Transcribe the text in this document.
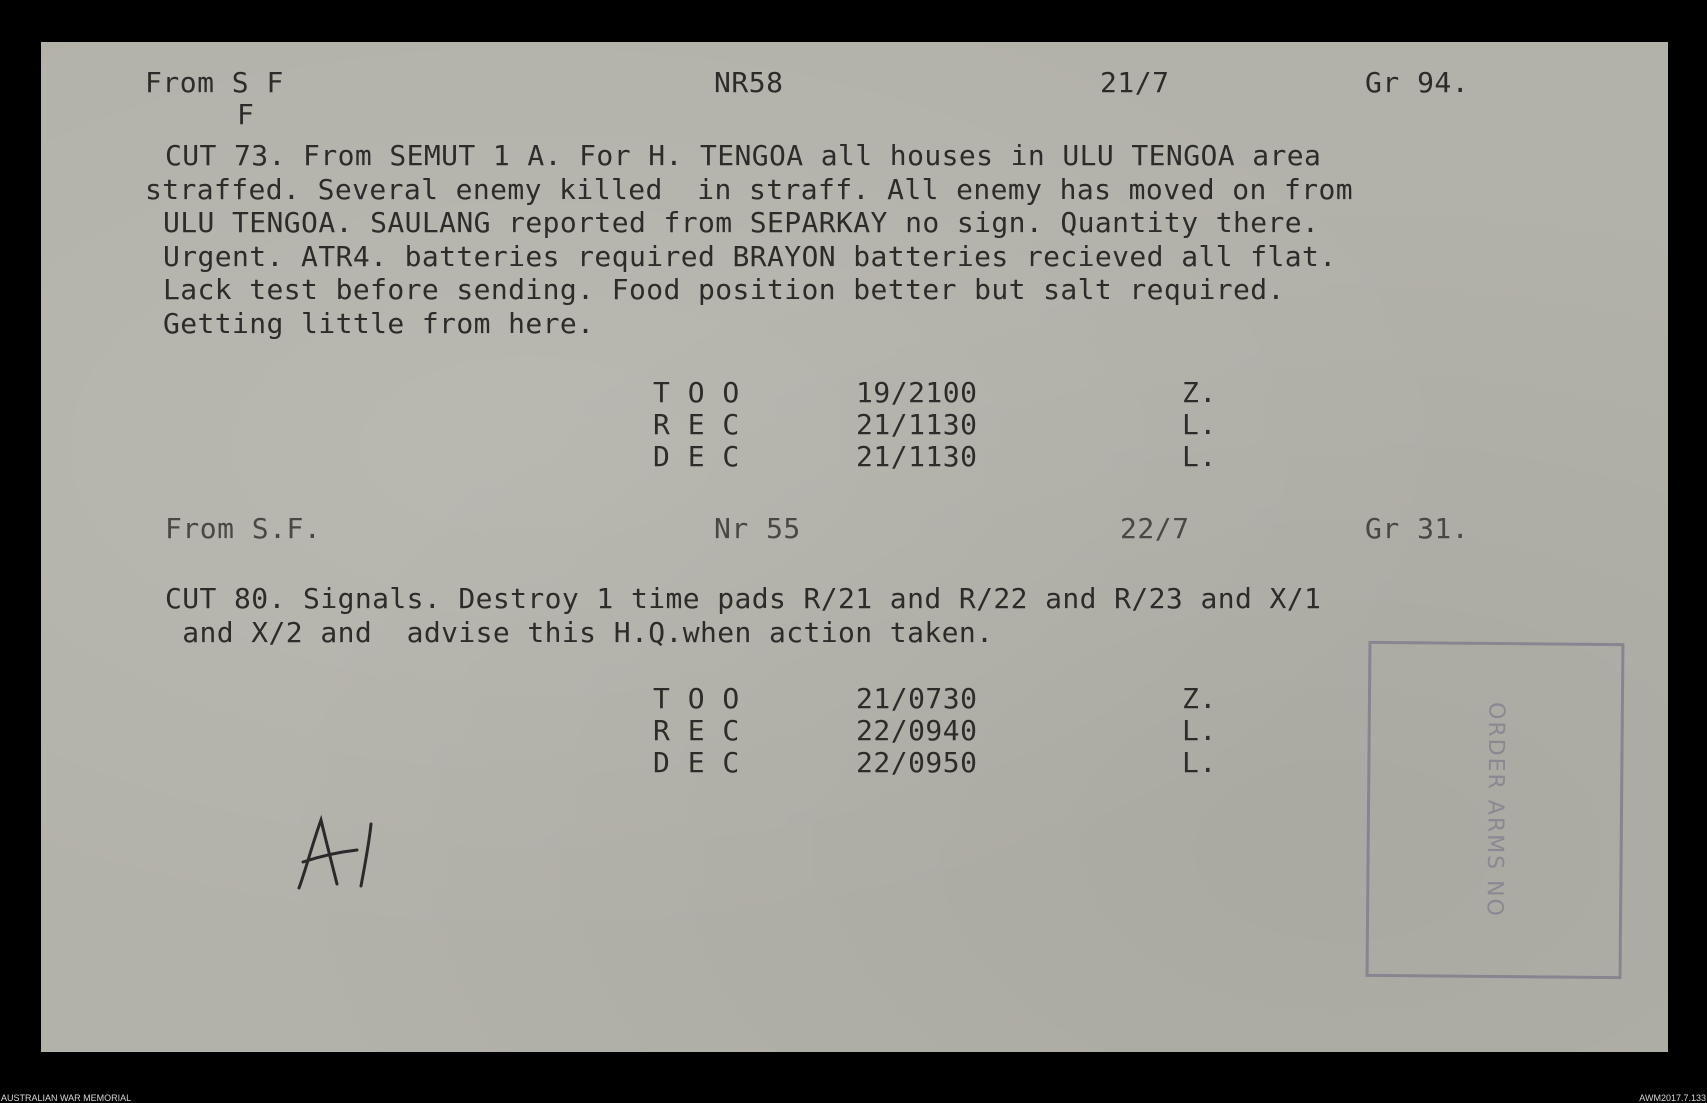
From S F
F
NR58	21/7	Gr 94.
CUT 73. From SEMUT 1 A. For H. TENGOA all houses in ULU TENGOA area
straffed. Several enemy killed  in straff. All enemy has moved on from
ULU TENGOA. SAULANG reported from SEPARKAY no sign. Quantity there.
Urgent. ATR4. batteries required BRAYON batteries recieved all flat.
Lack test before sending. Food position better but salt required.
Getting little from here.
T O O	19/2100	Z.
R E C	21/1130	L.
D E C	21/1130	L.
From S.F.	Nr 55	22/7	Gr 31.
CUT 80. Signals. Destroy 1 time pads R/21 and R/22 and R/23 and X/1
and X/2 and  advise this H.Q.when action taken.
T O O	21/0730	Z.
R E C	22/0940	L.
D E C	22/0950	L.	ORDER ARMS NO
AUSTRALIAN WAR MEMORIAL	AWM2017.7.133
